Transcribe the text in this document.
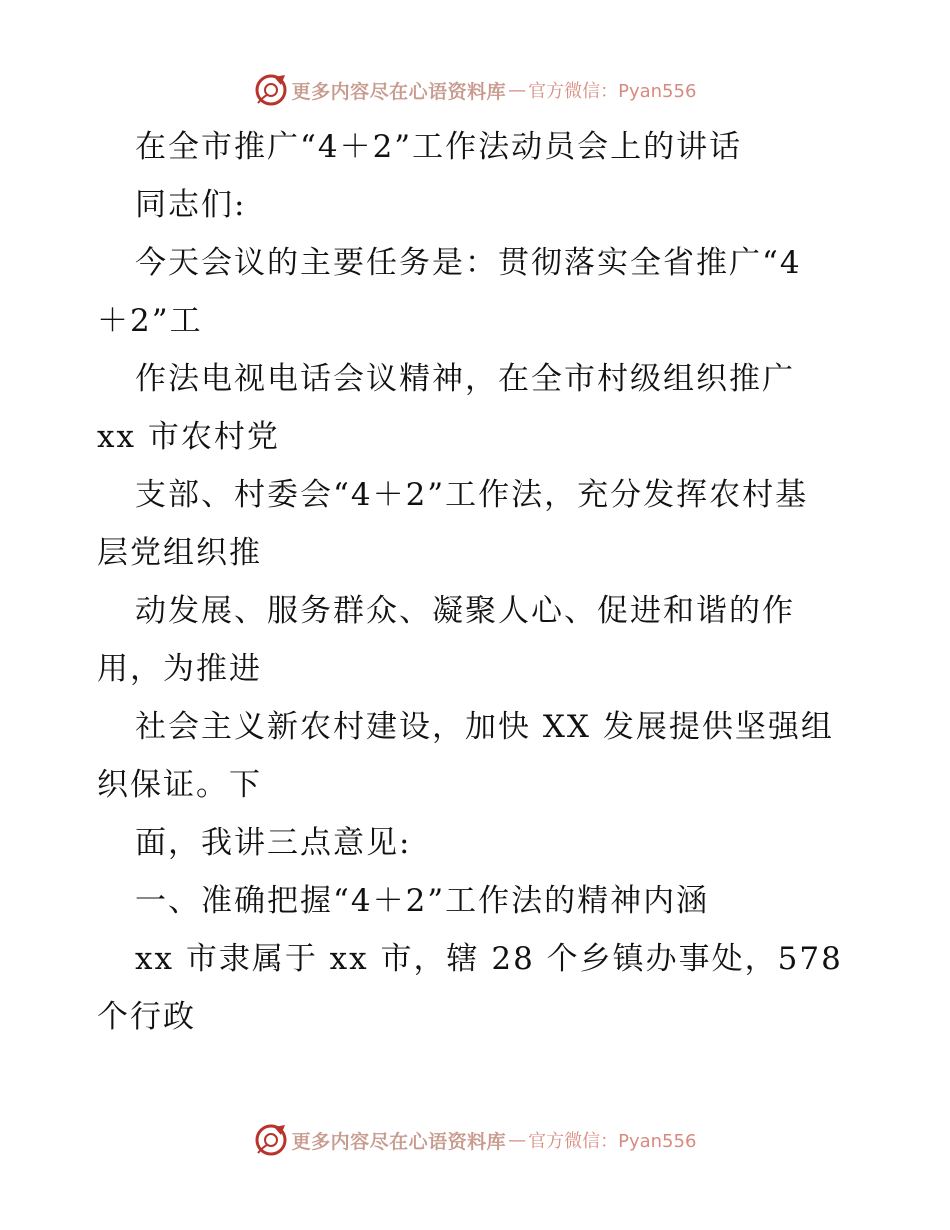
更多内容尽在心语资料库 — 官方微信：Pyan556
在全市推广“4＋2”工作法动员会上的讲话
同志们:
今天会议的主要任务是：贯彻落实全省推广“4
＋2”工
作法电视电话会议精神，在全市村级组织推广
xx 市农村党
支部、村委会“4＋2”工作法，充分发挥农村基
层党组织推
动发展、服务群众、凝聚人心、促进和谐的作
用，为推进
社会主义新农村建设，加快 XX 发展提供坚强组
织保证。下
面，我讲三点意见:
一、准确把握“4＋2”工作法的精神内涵
xx 市隶属于 xx 市，辖 28 个乡镇办事处，578
个行政
更多内容尽在心语资料库 — 官方微信：Pyan556
